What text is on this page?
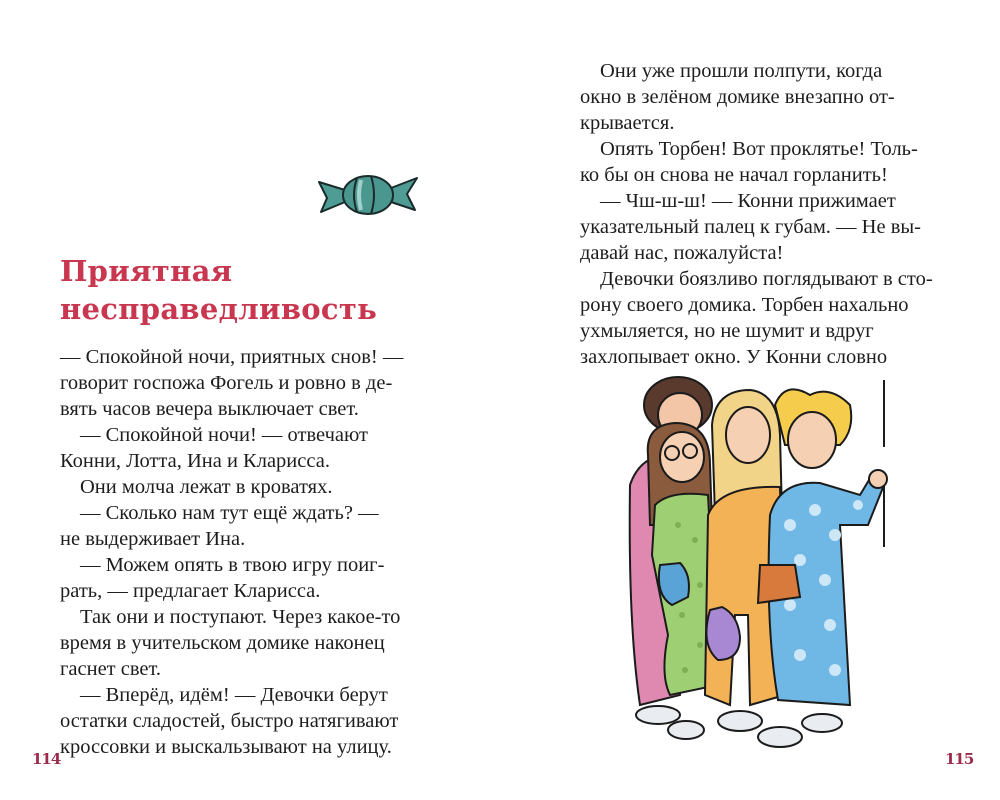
Приятная
несправедливость
— Спокойной ночи, приятных снов! —
говорит госпожа Фогель и ровно в де-
вять часов вечера выключает свет.
— Спокойной ночи! — отвечают
Конни, Лотта, Ина и Кларисса.
Они молча лежат в кроватях.
— Сколько нам тут ещё ждать? —
не выдерживает Ина.
— Можем опять в твою игру поиг-
рать, — предлагает Кларисса.
Так они и поступают. Через какое-то
время в учительском домике наконец
гаснет свет.
— Вперёд, идём! — Девочки берут
остатки сладостей, быстро натягивают
кроссовки и выскальзывают на улицу.
114
Они уже прошли полпути, когда
окно в зелёном домике внезапно от-
крывается.
Опять Торбен! Вот проклятье! Толь-
ко бы он снова не начал горланить!
— Чш-ш-ш! — Конни прижимает
указательный палец к губам. — Не вы-
давай нас, пожалуйста!
Девочки боязливо поглядывают в сто-
рону своего домика. Торбен нахально
ухмыляется, но не шумит и вдруг
захлопывает окно. У Конни словно
115
